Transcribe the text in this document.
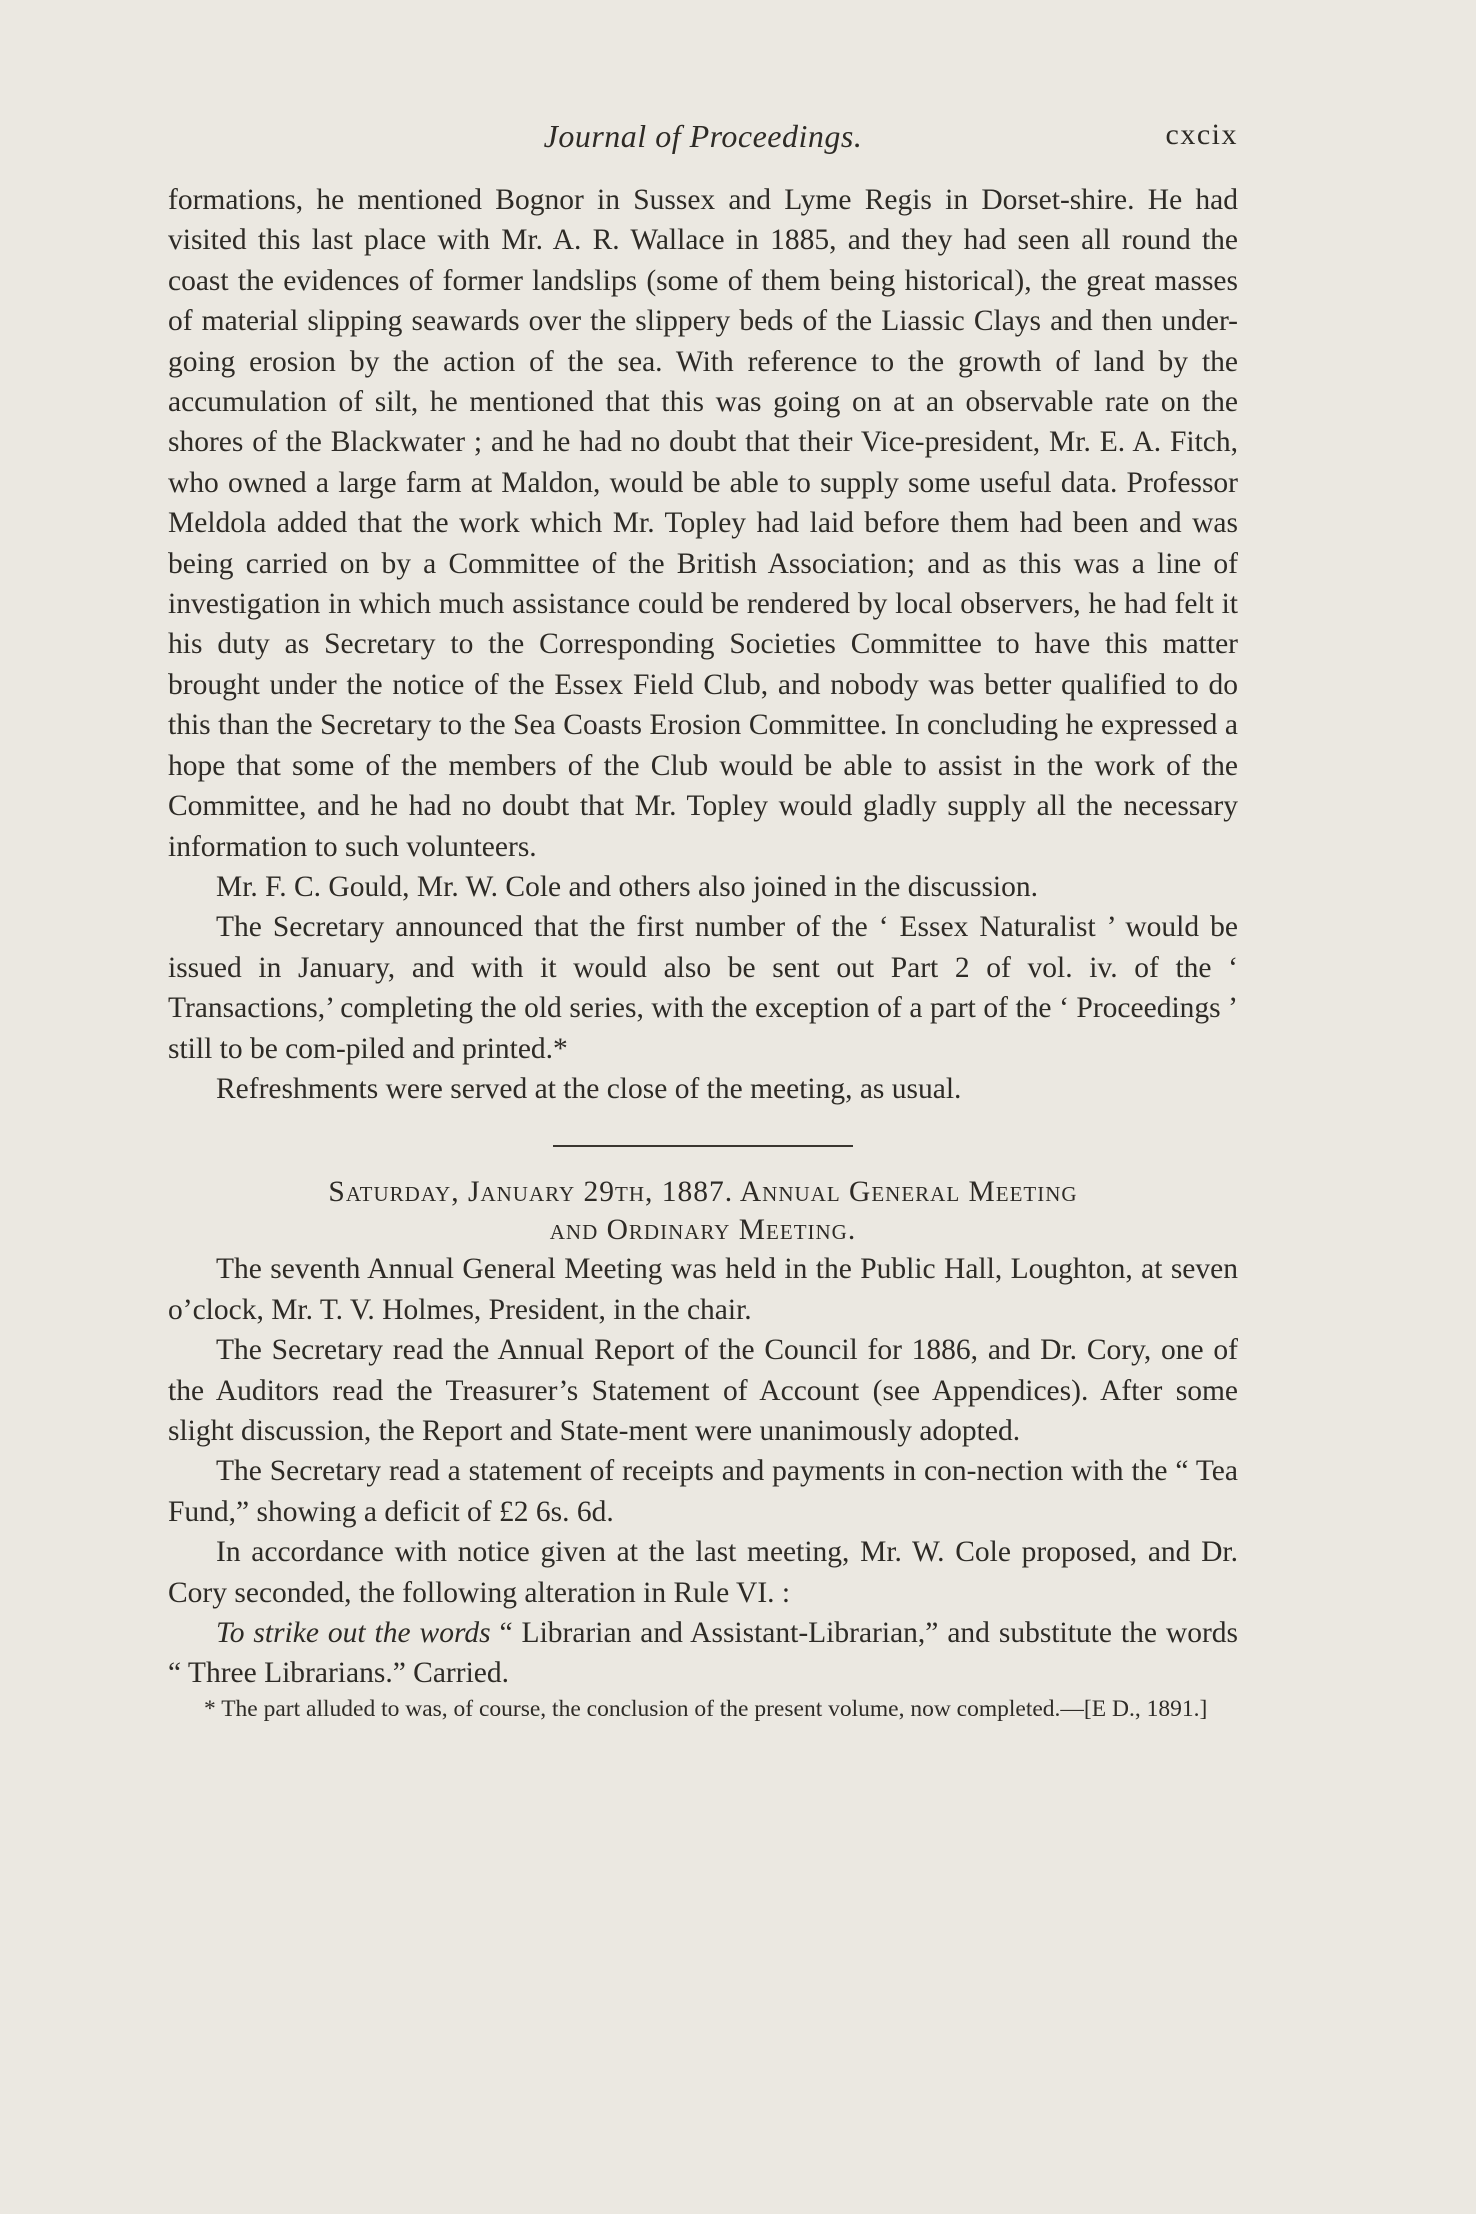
Journal of Proceedings.	cxcix

formations, he mentioned Bognor in Sussex and Lyme Regis in Dorset-shire. He had visited this last place with Mr. A. R. Wallace in 1885, and they had seen all round the coast the evidences of former landslips (some of them being historical), the great masses of material slipping seawards over the slippery beds of the Liassic Clays and then under-going erosion by the action of the sea. With reference to the growth of land by the accumulation of silt, he mentioned that this was going on at an observable rate on the shores of the Blackwater ; and he had no doubt that their Vice-president, Mr. E. A. Fitch, who owned a large farm at Maldon, would be able to supply some useful data. Professor Meldola added that the work which Mr. Topley had laid before them had been and was being carried on by a Committee of the British Association; and as this was a line of investigation in which much assistance could be rendered by local observers, he had felt it his duty as Secretary to the Corresponding Societies Committee to have this matter brought under the notice of the Essex Field Club, and nobody was better qualified to do this than the Secretary to the Sea Coasts Erosion Committee. In concluding he expressed a hope that some of the members of the Club would be able to assist in the work of the Committee, and he had no doubt that Mr. Topley would gladly supply all the necessary information to such volunteers.

Mr. F. C. Gould, Mr. W. Cole and others also joined in the discussion.

The Secretary announced that the first number of the ‘ Essex Naturalist ’ would be issued in January, and with it would also be sent out Part 2 of vol. iv. of the ‘ Transactions,’ completing the old series, with the exception of a part of the ‘ Proceedings ’ still to be com-piled and printed.*

Refreshments were served at the close of the meeting, as usual.

Saturday, January 29th, 1887. Annual General Meeting

and Ordinary Meeting.

The seventh Annual General Meeting was held in the Public Hall, Loughton, at seven o’clock, Mr. T. V. Holmes, President, in the chair.

The Secretary read the Annual Report of the Council for 1886, and Dr. Cory, one of the Auditors read the Treasurer’s Statement of Account (see Appendices). After some slight discussion, the Report and State-ment were unanimously adopted.

The Secretary read a statement of receipts and payments in con-nection with the “ Tea Fund,” showing a deficit of £2 6s. 6d.

In accordance with notice given at the last meeting, Mr. W. Cole proposed, and Dr. Cory seconded, the following alteration in Rule VI. :

To strike out the words “ Librarian and Assistant-Librarian,” and substitute the words “ Three Librarians.” Carried.

* The part alluded to was, of course, the conclusion of the present volume, now completed.—[E D., 1891.]
